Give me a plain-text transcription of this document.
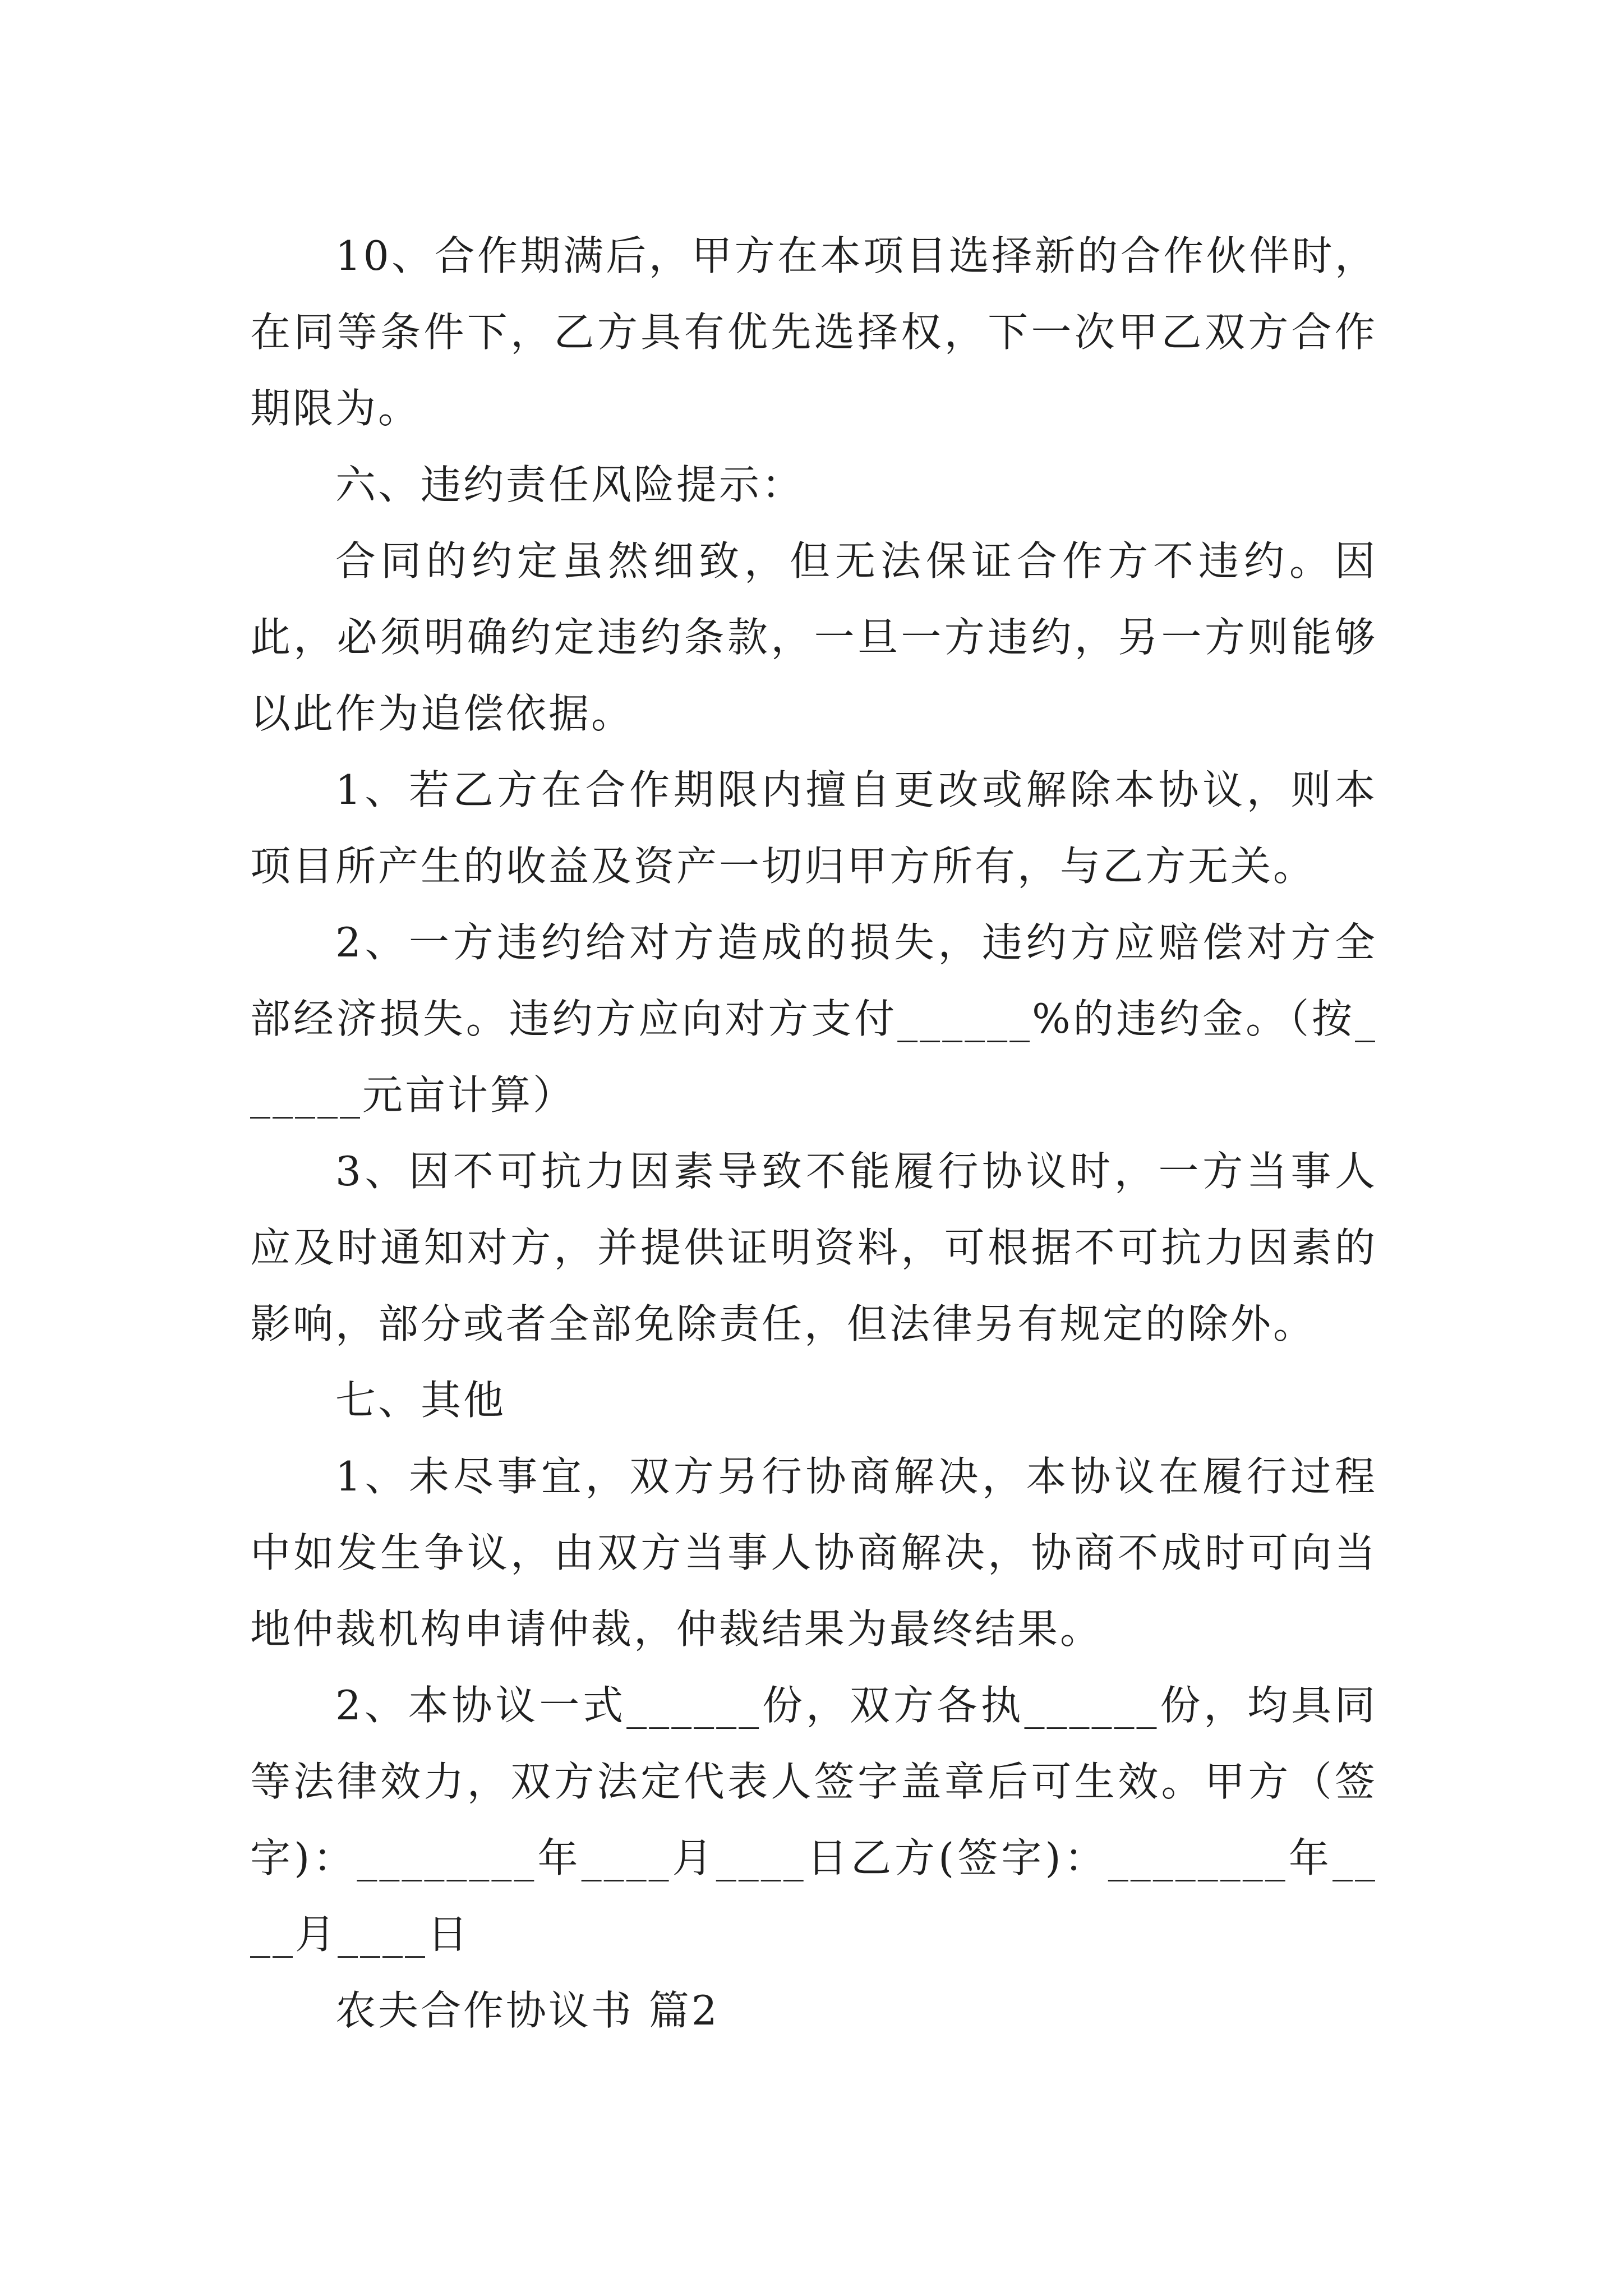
10、合作期满后，甲方在本项目选择新的合作伙伴时，在同等条件下，乙方具有优先选择权，下一次甲乙双方合作期限为。

六、违约责任风险提示：

合同的约定虽然细致，但无法保证合作方不违约。因此，必须明确约定违约条款，一旦一方违约，另一方则能够以此作为追偿依据。

1、若乙方在合作期限内擅自更改或解除本协议，则本项目所产生的收益及资产一切归甲方所有，与乙方无关。

2、一方违约给对方造成的损失，违约方应赔偿对方全部经济损失。违约方应向对方支付______%的违约金。（按______元亩计算）

3、因不可抗力因素导致不能履行协议时，一方当事人应及时通知对方，并提供证明资料，可根据不可抗力因素的影响，部分或者全部免除责任，但法律另有规定的除外。

七、其他

1、未尽事宜，双方另行协商解决，本协议在履行过程中如发生争议，由双方当事人协商解决，协商不成时可向当地仲裁机构申请仲裁，仲裁结果为最终结果。

2、本协议一式______份，双方各执______份，均具同等法律效力，双方法定代表人签字盖章后可生效。甲方（签字)：________年____月____日乙方(签字)：________年____月____日

农夫合作协议书 篇2
